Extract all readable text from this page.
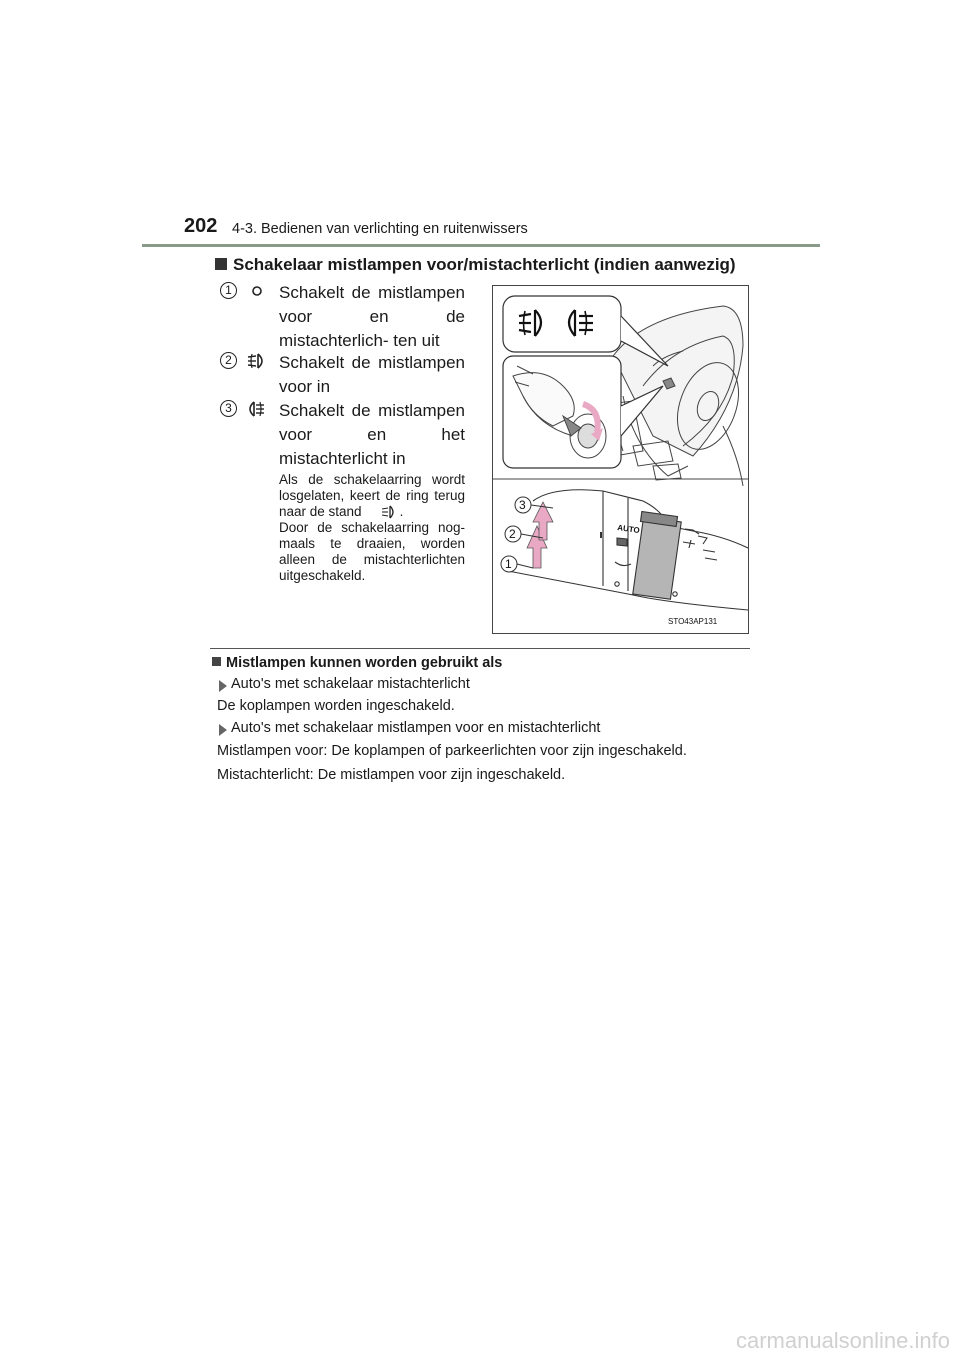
202 4-3. Bedienen van verlichting en ruitenwissers
Schakelaar mistlampen voor/mistachterlicht (indien aanwezig)
1	Schakelt de mistlampen voor en de mistachterlich- ten uit
2	Schakelt de mistlampen voor in
3	Schakelt de mistlampen voor en het mistachterlicht in
Als de schakelaarring wordt losgelaten, keert de ring terug naar de stand	.
Door de schakelaarring nog- maals te draaien, worden alleen de mistachterlichten uitgeschakeld.
AUTO
3
2
1
STO43AP131
Mistlampen kunnen worden gebruikt als
Auto's met schakelaar mistachterlicht
De koplampen worden ingeschakeld.
Auto's met schakelaar mistlampen voor en mistachterlicht
Mistlampen voor: De koplampen of parkeerlichten voor zijn ingeschakeld.
Mistachterlicht: De mistlampen voor zijn ingeschakeld.
carmanualsonline.info
